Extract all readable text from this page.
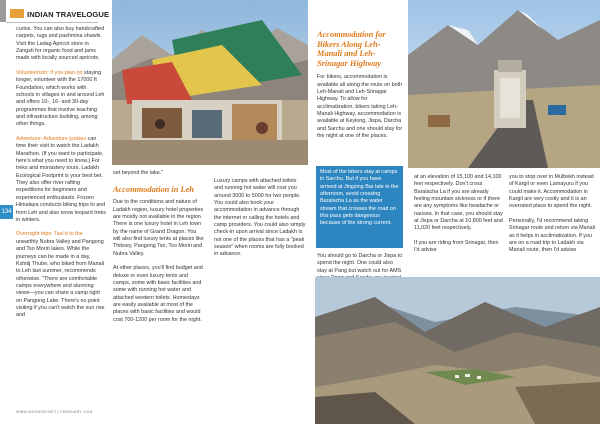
INDIAN TRAVELOGUE
134

curios. You can also buy handcrafted carpets, rugs and pashmina shawls. Visit the Ladag Apricot store in Zangsti for organic food and jams made with locally sourced apricots.

Volunteerism: If you plan on staying longer, volunteer with the 17000 ft Foundation, which works with schools in villages in and around Leh and offers 10-, 16- and 30-day programmes that involve teaching and infrastructure building, among other things.

Adventure: Adventure junkies can time their visit to watch the Ladakh Marathon. (If you want to participate, here's what you need to know.) For treks and monastery tours, Ladakh Ecological Footprint is your best bet. They also offer river rafting expeditions for beginners and experienced enthusiasts. Frozen Himalaya conducts biking trips to and from Leh and also snow leopard treks in winters.

Overnight trips: Taxi it to the unearthly Nubra Valley and Pangong and Tso Moriri lakes. While the journeys can be made in a day, Kshitij Thube, who biked from Manali to Leh last summer, recommends otherwise. "There are comfortable camps everywhere and stunning views—you can share a camp right on Pangong Lake. There's no point visiting if you can't watch the sun rise and

set beyond the lake."

Accommodation in Leh

Due to the conditions and nature of Ladakh region, luxury hotel properties are mostly not available in the region. There is one luxury hotel in Leh town by the name of Grand Dragon. You will also find luxury tents at places like Thiksey, Pangong Tso, Tso Moriri and Nubra Valley.

At other places, you'll find budget and deluxe or even luxury tents and camps, some with basic facilities and some with running hot water and attached western toilets. Homestays are easily available at most of the places with basic facilities and would cost 700-1200 per room for the night.

Luxury camps with attached toilets and running hot water will cost you around 3000 to 5000 for two people. You could also book your accommodation in advance through the internet or calling the hotels and camp providers. You could also simply check-in upon arrival since Ladakh is not one of the places that has a "peak season" when rooms are fully booked in advance.

Accommodation for Bikers Along Leh-Manali and Leh-Srinagar Highway

For bikers, accommodation is available all along the route on both Leh-Manali and Leh-Srinagar Highway. To allow for acclimatization, bikers taking Leh-Manali Highway, accommodation is available at Keylong, Jispa, Darcha and Sarchu and one should stay for the night at one of the places.

Most of the bikers stay at camps in Sarchu. But if you have arrived at Jingzing Bar late in the afternoon, avoid crossing Baralacha La as the water stream that crosses the road on this pass gets dangerous because of the strong current.

You should go to Darcha or Jispa to spend the night. One could also stay at Pang but watch out for AMS

at an elevation of 15,100 and 14,100 feet respectively. Don't cross Baralacha La if you are already feeling mountain sickness or if there are any symptoms like headache or nausea. In that case, you should stay at Jispa or Darcha at 10,800 feet and 11,020 feet respectively.

If you are riding from Srinagar, then I'd advise

you to stop over in Mulbekh instead of Kargil or even Lamayuru if you could make it. Accommodation in Kargil are very costly and it is an overrated place to spend the night.

Personally, I'd recommend taking Srinagar route and return via Manali as it helps in acclimatization. If you are on a road trip to Ladakh via Manali route, then I'd advise

WWW.WISHESH.NET | FEBRUARY 2018
